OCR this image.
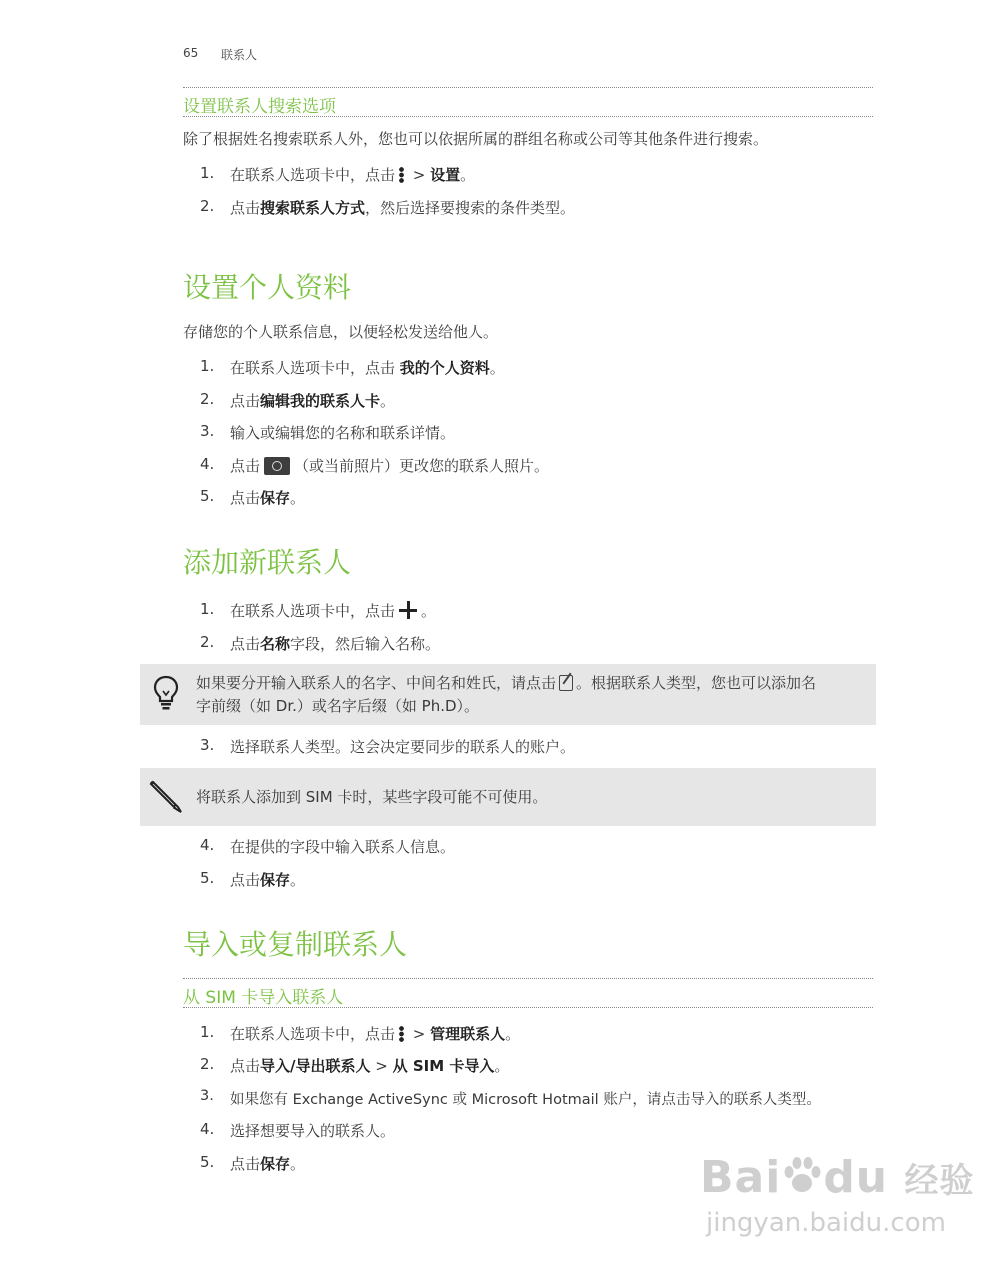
65 联系人
设置联系人搜索选项
除了根据姓名搜索联系人外，您也可以依据所属的群组名称或公司等其他条件进行搜索。
1.	在联系人选项卡中，点击 > 设置。
2.	点击搜索联系人方式，然后选择要搜索的条件类型。
设置个人资料
存储您的个人联系信息，以便轻松发送给他人。
1.	在联系人选项卡中，点击 我的个人资料。
2.	点击编辑我的联系人卡。
3.	输入或编辑您的名称和联系详情。
4.	点击 （或当前照片）更改您的联系人照片。
5.	点击保存。
添加新联系人
1.	在联系人选项卡中，点击 。
2.	点击名称字段，然后输入名称。
如果要分开输入联系人的名字、中间名和姓氏，请点击 。根据联系人类型，您也可以添加名
字前缀（如 Dr.）或名字后缀（如 Ph.D）。
3.	选择联系人类型。这会决定要同步的联系人的账户。
将联系人添加到 SIM 卡时，某些字段可能不可使用。
4.	在提供的字段中输入联系人信息。
5.	点击保存。
导入或复制联系人
从 SIM 卡导入联系人
1.	在联系人选项卡中，点击 > 管理联系人。
2.	点击导入/导出联系人 > 从 SIM 卡导入。
3.	如果您有 Exchange ActiveSync 或 Microsoft Hotmail 账户，请点击导入的联系人类型。
4.	选择想要导入的联系人。
5.	点击保存。	Bai du 经验
jingyan.baidu.com
